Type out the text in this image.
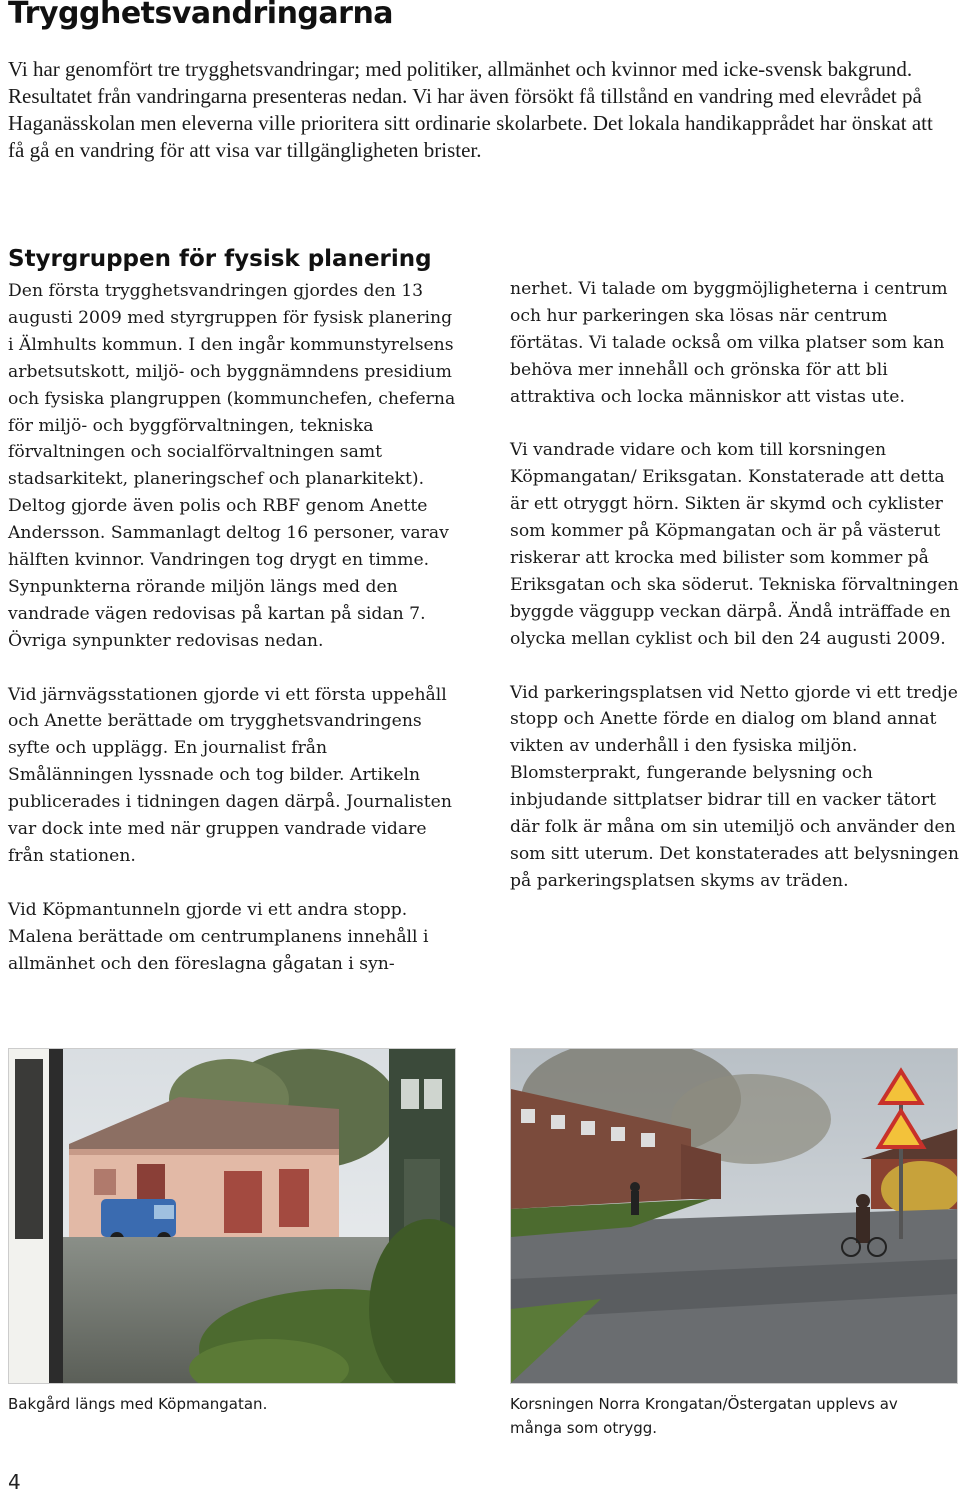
Trygghetsvandringarna

Vi har genomfört tre trygghetsvandringar; med politiker, allmänhet och kvinnor med icke-svensk bakgrund. Resultatet från vandringarna presenteras nedan. Vi har även försökt få tillstånd en vandring med elevrådet på Haganässkolan men eleverna ville prioritera sitt ordinarie skolarbete. Det lokala handikapprådet har önskat att få gå en vandring för att visa var tillgängligheten brister.

Styrgruppen för fysisk planering

Den första trygghetsvandringen gjordes den 13 augusti 2009 med styrgruppen för fysisk planering i Älmhults kommun. I den ingår kommunstyrelsens arbetsutskott, miljö- och byggnämndens presidium och fysiska plangruppen (kommunchefen, cheferna för miljö- och byggförvaltningen, tekniska förvaltningen och socialförvaltningen samt stadsarkitekt, planeringschef och planarkitekt). Deltog gjorde även polis och RBF genom Anette Andersson. Sammanlagt deltog 16 personer, varav hälften kvinnor. Vandringen tog drygt en timme. Synpunkterna rörande miljön längs med den vandrade vägen redovisas på kartan på sidan 7. Övriga synpunkter redovisas nedan.

Vid järnvägsstationen gjorde vi ett första uppehåll och Anette berättade om trygghetsvandringens syfte och upplägg. En journalist från Smålänningen lyssnade och tog bilder. Artikeln publicerades i tidningen dagen därpå. Journalisten var dock inte med när gruppen vandrade vidare från stationen.

Vid Köpmantunneln gjorde vi ett andra stopp. Malena berättade om centrumplanens innehåll i allmänhet och den föreslagna gågatan i syn-

nerhet. Vi talade om byggmöjligheterna i centrum och hur parkeringen ska lösas när centrum förtätas. Vi talade också om vilka platser som kan behöva mer innehåll och grönska för att bli attraktiva och locka människor att vistas ute.

Vi vandrade vidare och kom till korsningen Köpmangatan/ Eriksgatan. Konstaterade att detta är ett otryggt hörn. Sikten är skymd och cyklister som kommer på Köpmangatan och är på västerut riskerar att krocka med bilister som kommer på Eriksgatan och ska söderut. Tekniska förvaltningen byggde väggupp veckan därpå. Ändå inträffade en olycka mellan cyklist och bil den 24 augusti 2009.

Vid parkeringsplatsen vid Netto gjorde vi ett tredje stopp och Anette förde en dialog om bland annat vikten av underhåll i den fysiska miljön. Blomsterprakt, fungerande belysning och inbjudande sittplatser bidrar till en vacker tätort där folk är måna om sin utemiljö och använder den som sitt uterum. Det konstaterades att belysningen på parkeringsplatsen skyms av träden.

Bakgård längs med Köpmangatan.	Korsningen Norra Krongatan/Östergatan upplevs av många som otrygg.

4
